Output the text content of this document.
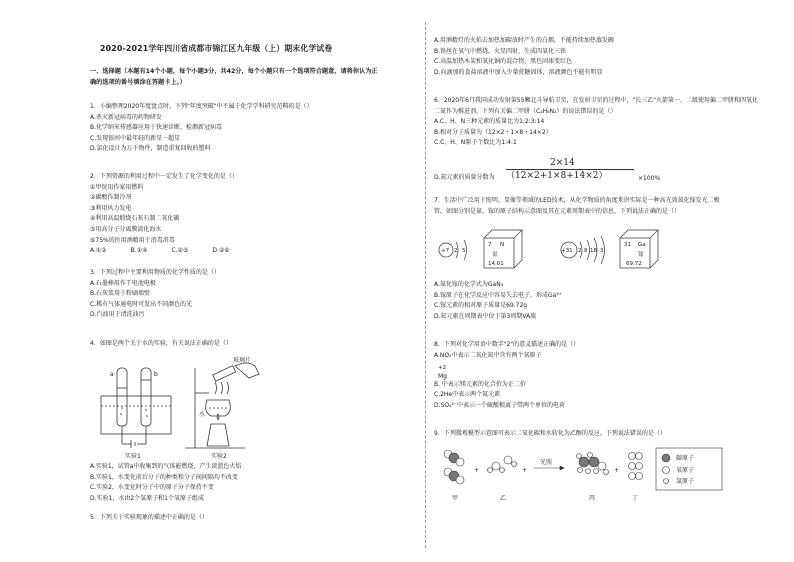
2020-2021学年四川省成都市锦江区九年级（上）期末化学试卷
一、选择题（本题有14个小题，每个小题3分，共42分，每个小题只有一个选项符合题意，请将你认为正
确的选项的番号填涂在答题卡上。）

1．小编整理2020年度盘点时，下列"年度突破"中不属于化学学科研究范畴的是（）

A.杀灭新冠病毒的药物研发

B.化学纳米传感器应用于快速诊断，检测新冠病毒

C.发现银河中最年轻的新星一超星

D.氯化设计为万千物件，制造重复回收的塑料

2．下列资源的利用过程中一定发生了化学变化的是（）

①甲烷用作家用燃料

②碳酸作制冷剂

③利用风力发电

④利用高温煅烧石灰石制二氧化碳

⑤用高分子分离膜淡化海水

⑥75%的医用酒精用于消毒消毒

A.①②	B.①④	C.②⑤	D.②⑥

3．下列过程中主要利用物质的化学性质的是（）

A.石墨棒用作干电池电极

B.石灰浆用于粉刷墙壁

C.稀有气体通电时可发出不同颜色的光

D.汽油用于清洗油污

4．如图是两个关于水的实验，有关说法正确的是（）

a	b
实验1
玻璃片
水
实验2

A.实验1，试管a中收集到的气体能燃烧，产生淡蓝色火焰

B.实验1，水变化前后分子的种类和分子间间隔均不改变

C.实验2，水变化时分子中的原子分子保持不变

D.实验1，水由2个氢原子和1个氧原子组成

5．下列关于实验现象的描述中正确的是（）

A.用酒精灯的火焰去加热加碳放时产生的白烟，不能持续加热蒸发碗

B.铁丝在氧气中燃烧，火星四射，生成四氧化三铁

C.高温加热木炭和氧化铜的混合物，黑色固体变红色

D.向滴加的食盐溶液中加入少量蔗糖固体，溶液颜色不能有明显

6．2020年6月我国成功发射第55颗北斗导航卫星，在发射卫星的过程中，"长三乙"火箭第一、二级使用偏二甲肼和四氧化

二氮作为推进剂，下列有关偏二甲肼（C₂H₈N₂）的说法错误的是（）

A.C、H、N三种元素的质量比为1:2:3:14

B.相对分子质量为（12×2＋1×8＋14×2）

C.C、H、N原子个数比为1:4:1

D.氮元素的质量分数为
2×14
（12×2+1×8+14×2）	×100%

7．生活中广泛用于照明、显像等领域的LED技术，从化学物质的角度来讲实际是一种高光效氮化镓发光二极

管，如图分别是氮、镓的原子结构示意图及其在元素周期表中的信息，下列说法正确的是（）

+7 2 5
7 N
氮
14.01
+31 2 8 18 3
31 Ga
镓
69.72

A.氮化镓的化学式为GaN₃

B.镓原子在化学反应中容易失去电子，形成Ga³⁺

C.镓元素的相对原子质量是69.72g

D.氮元素在周期表中位于第3周期VA族

8．下列对化学用语中数字"2"的意义描述正确的是（）

A.NO₂中表示二氧化氮中含有两个氧原子

+2
Mg
B. 中表示镁元素的化合价为正二价

C.2He中表示两个氦元素

D.SO₄²⁻中表示一个硫酸根离子带两个单位的电荷

9．下列微观模型示意图可表示二氧化碳和水转化为乙醇的反应，下列说法错误的是（）

+	+	+
光照
碳原子
氧原子
氢原子
甲	乙	丙	丁
